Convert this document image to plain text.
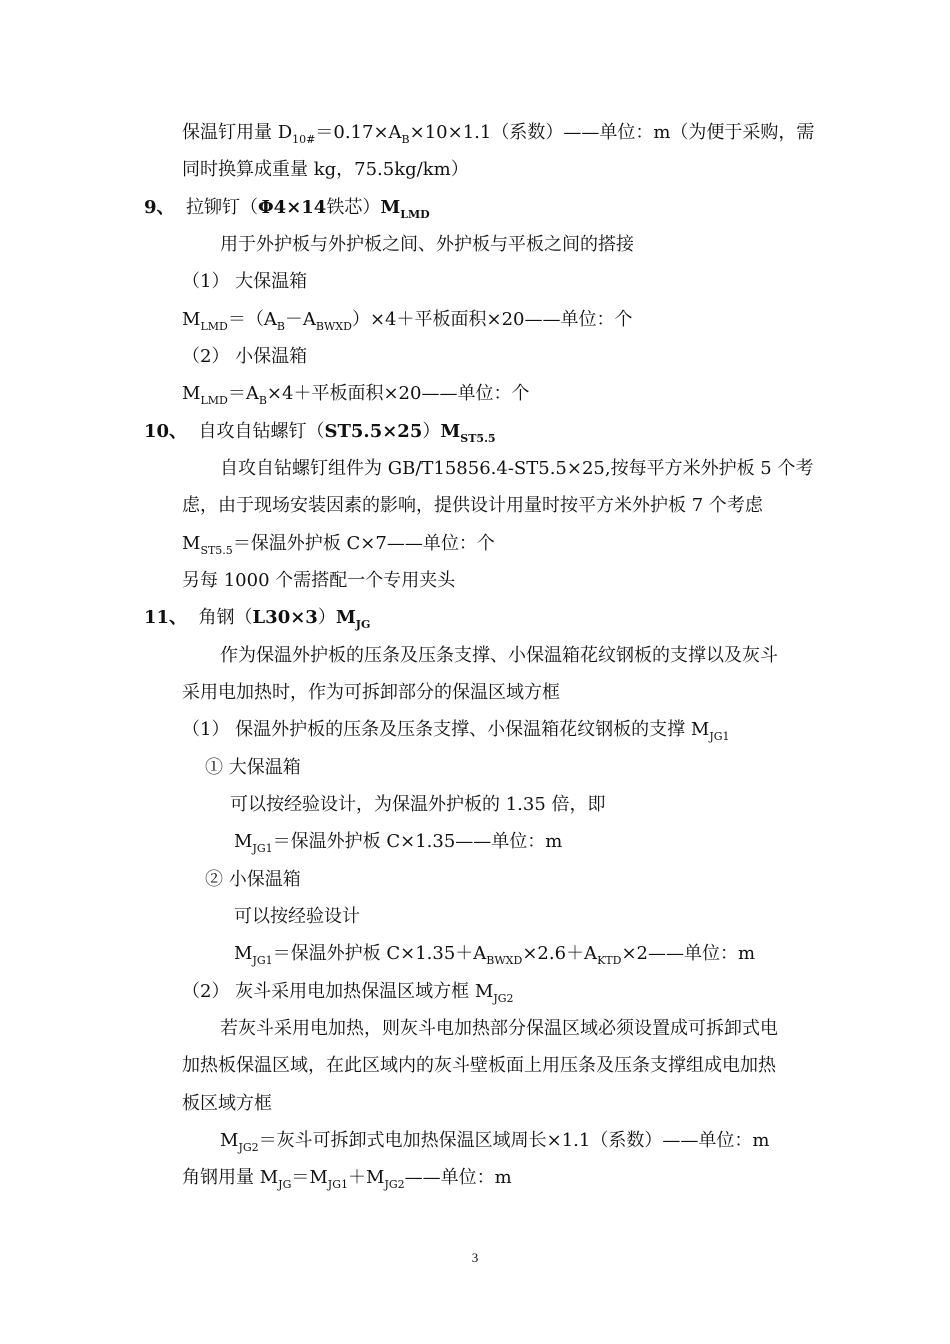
保温钉用量 $D_{10\#}=0.17\times A_B\times 10\times 1.1$（系数）——单位：m（为便于采购，需
同时换算成重量 kg，75.5kg/km）
9、 拉铆钉（Φ4×14铁芯）$M_{LMD}$
用于外护板与外护板之间、外护板与平板之间的搭接
（1） 大保温箱
$M_{LMD}=(A_B-A_{BWXD})\times 4+$平板面积×20——单位：个
（2） 小保温箱
$M_{LMD}=A_B\times 4+$平板面积×20——单位：个
10、 自攻自钻螺钉$(ST5.5\times 25)M_{ST5.5}$
自攻自钻螺钉组件为 GB/T15856.4-ST5.5×25,按每平方米外护板 5 个考
虑，由于现场安装因素的影响，提供设计用量时按平方米外护板 7 个考虑
$M_{ST5.5}=$保温外护板 C×7——单位：个
另每 1000 个需搭配一个专用夹头
11、 角钢$(L30\times 3)M_{JG}$
作为保温外护板的压条及压条支撑、小保温箱花纹钢板的支撑以及灰斗
采用电加热时，作为可拆卸部分的保温区域方框
（1） 保温外护板的压条及压条支撑、小保温箱花纹钢板的支撑 $M_{JG1}$
① 大保温箱
可以按经验设计，为保温外护板的 1.35 倍，即
$M_{JG1}=$保温外护板 C×1.35——单位：m
② 小保温箱
可以按经验设计
$M_{JG1}=$保温外护板 $C\times 1.35+A_{BWXD}\times 2.6+A_{KTD}\times 2——$单位：m
（2） 灰斗采用电加热保温区域方框 $M_{JG2}$
若灰斗采用电加热，则灰斗电加热部分保温区域必须设置成可拆卸式电
加热板保温区域，在此区域内的灰斗壁板面上用压条及压条支撑组成电加热
板区域方框
$M_{JG2}=$灰斗可拆卸式电加热保温区域周长×1.1（系数）——单位：m
角钢用量 $M_{JG}=M_{JG1}+M_{JG2}——$单位：m
3
